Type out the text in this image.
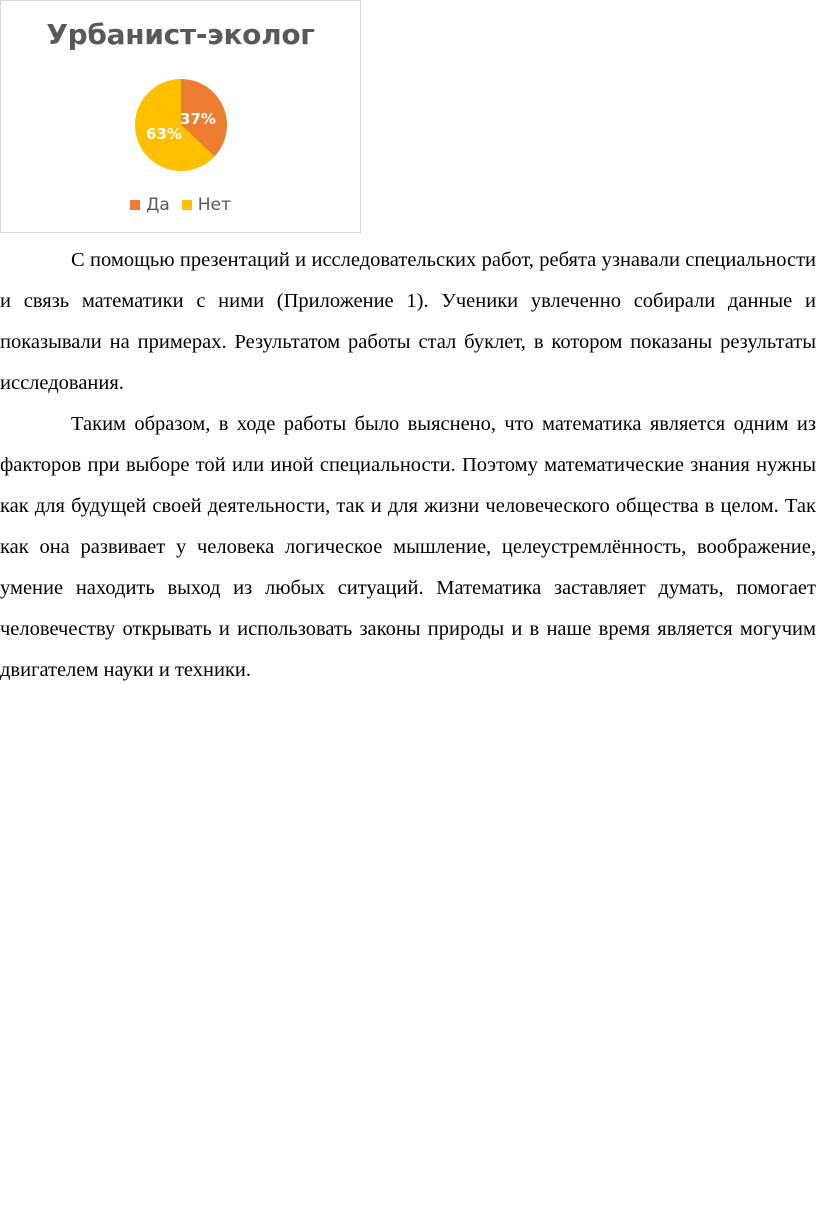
Урбанист-эколог
37%
63%
Да Нет

С помощью презентаций и исследовательских работ, ребята узнавали специальности и связь математики с ними (Приложение 1). Ученики увлеченно собирали данные и показывали на примерах. Результатом работы стал буклет, в котором показаны результаты исследования.

Таким образом, в ходе работы было выяснено, что математика является одним из факторов при выборе той или иной специальности. Поэтому математические знания нужны как для будущей своей деятельности, так и для жизни человеческого общества в целом. Так как она развивает у человека логическое мышление, целеустремлённость, воображение, умение находить выход из любых ситуаций. Математика заставляет думать, помогает человечеству открывать и использовать законы природы и в наше время является могучим двигателем науки и техники.
